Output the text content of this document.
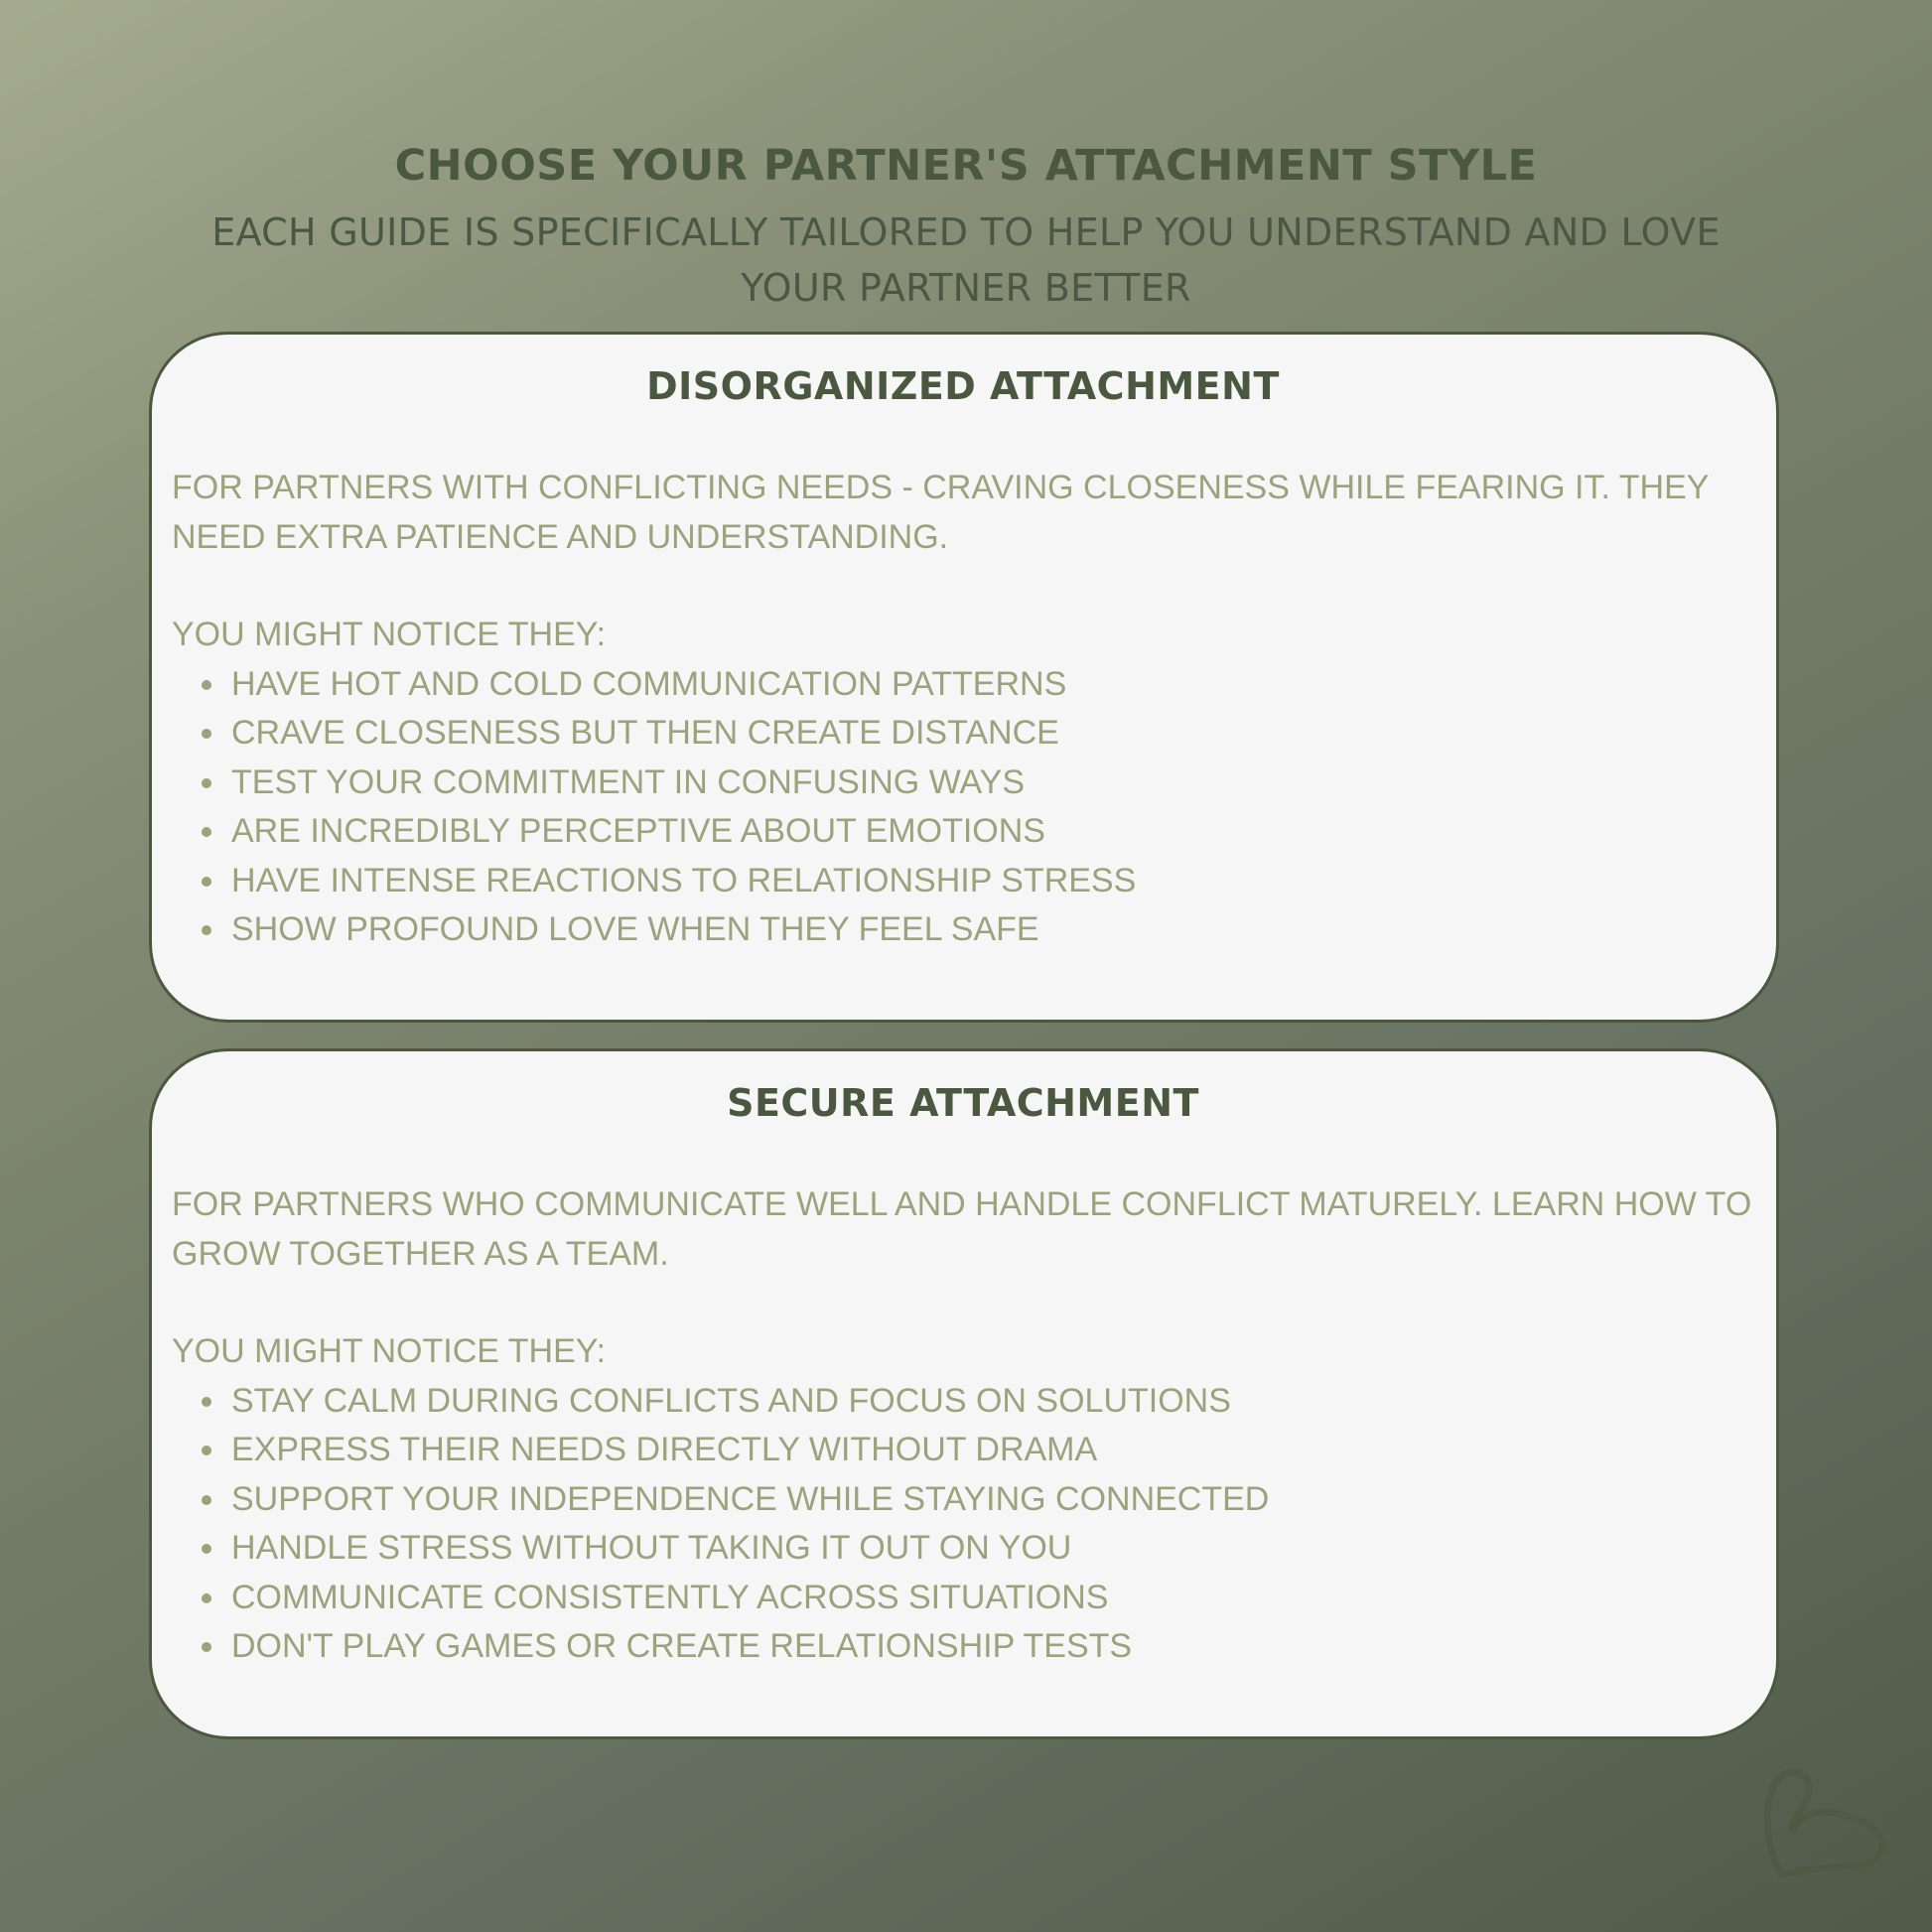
CHOOSE YOUR PARTNER'S ATTACHMENT STYLE

EACH GUIDE IS SPECIFICALLY TAILORED TO HELP YOU UNDERSTAND AND LOVE YOUR PARTNER BETTER

DISORGANIZED ATTACHMENT

FOR PARTNERS WITH CONFLICTING NEEDS - CRAVING CLOSENESS WHILE FEARING IT. THEY NEED EXTRA PATIENCE AND UNDERSTANDING.

YOU MIGHT NOTICE THEY:

HAVE HOT AND COLD COMMUNICATION PATTERNS
CRAVE CLOSENESS BUT THEN CREATE DISTANCE
TEST YOUR COMMITMENT IN CONFUSING WAYS
ARE INCREDIBLY PERCEPTIVE ABOUT EMOTIONS
HAVE INTENSE REACTIONS TO RELATIONSHIP STRESS
SHOW PROFOUND LOVE WHEN THEY FEEL SAFE
SECURE ATTACHMENT

FOR PARTNERS WHO COMMUNICATE WELL AND HANDLE CONFLICT MATURELY. LEARN HOW TO GROW TOGETHER AS A TEAM.

YOU MIGHT NOTICE THEY:

STAY CALM DURING CONFLICTS AND FOCUS ON SOLUTIONS
EXPRESS THEIR NEEDS DIRECTLY WITHOUT DRAMA
SUPPORT YOUR INDEPENDENCE WHILE STAYING CONNECTED
HANDLE STRESS WITHOUT TAKING IT OUT ON YOU
COMMUNICATE CONSISTENTLY ACROSS SITUATIONS
DON'T PLAY GAMES OR CREATE RELATIONSHIP TESTS
